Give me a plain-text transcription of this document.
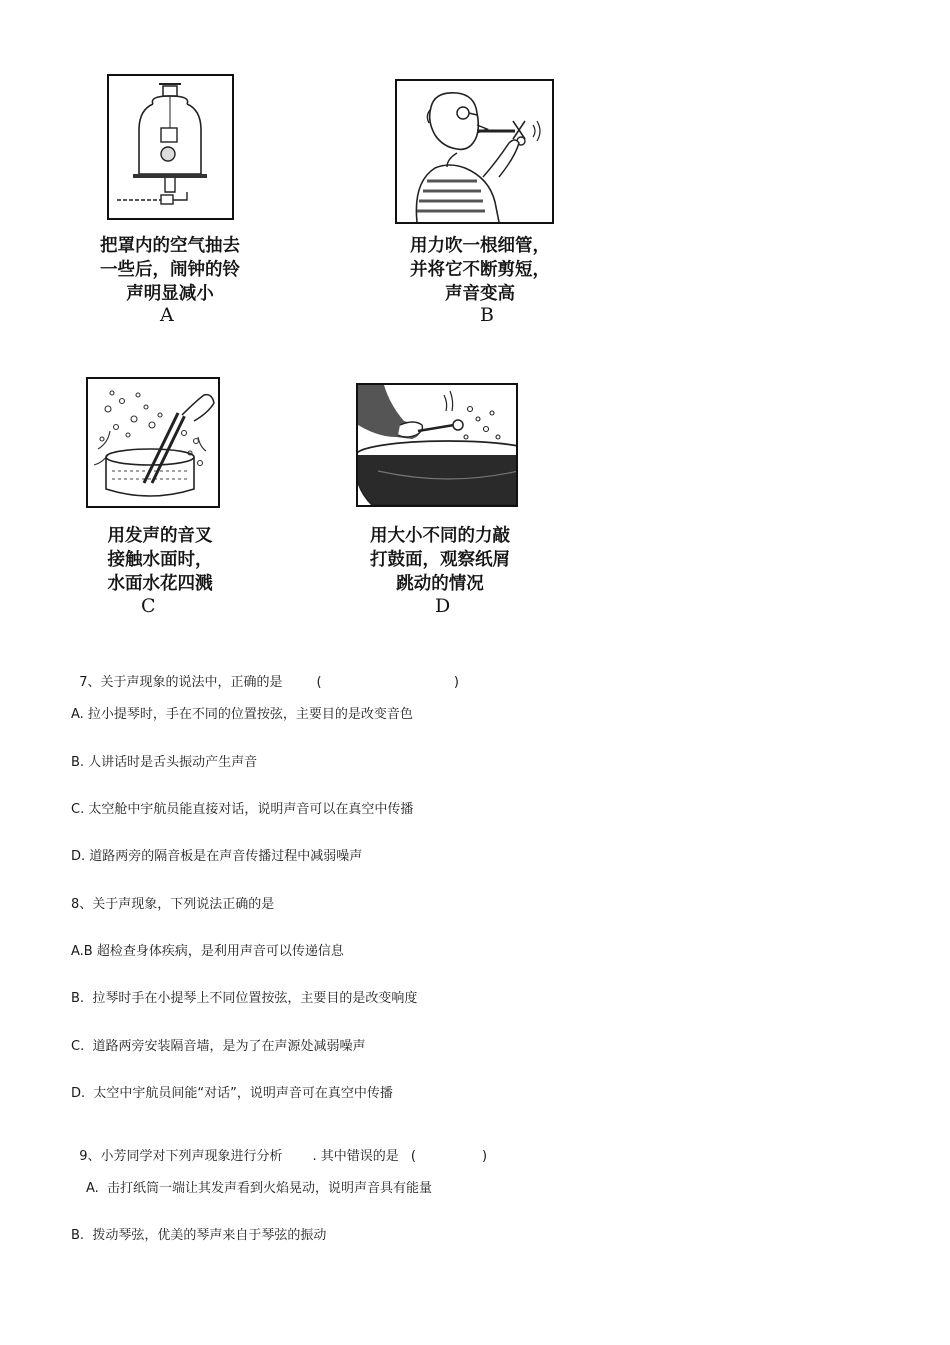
把罩内的空气抽去
一些后，闹钟的铃
声明显减小
A
用力吹一根细管，
并将它不断剪短，
声音变高
B
用发声的音叉
接触水面时，
水面水花四溅
C
用大小不同的力敲
打鼓面，观察纸屑
跳动的情况
D

7、关于声现象的说法中，正确的是	(                                )

A. 拉小提琴时，手在不同的位置按弦，主要目的是改变音色
B. 人讲话时是舌头振动产生声音
C. 太空舱中宇航员能直接对话，说明声音可以在真空中传播
D. 道路两旁的隔音板是在声音传播过程中减弱噪声
8、关于声现象，下列说法正确的是
A.B 超检查身体疾病，是利用声音可以传递信息
B.  拉琴时手在小提琴上不同位置按弦，主要目的是改变响度
C.  道路两旁安装隔音墙，是为了在声源处减弱噪声
D.  太空中宇航员间能“对话”，说明声音可在真空中传播

9、小芳同学对下列声现象进行分析 . 其中错误的是 (                )

A.  击打纸筒一端让其发声看到火焰晃动，说明声音具有能量
B.  拨动琴弦，优美的琴声来自于琴弦的振动
